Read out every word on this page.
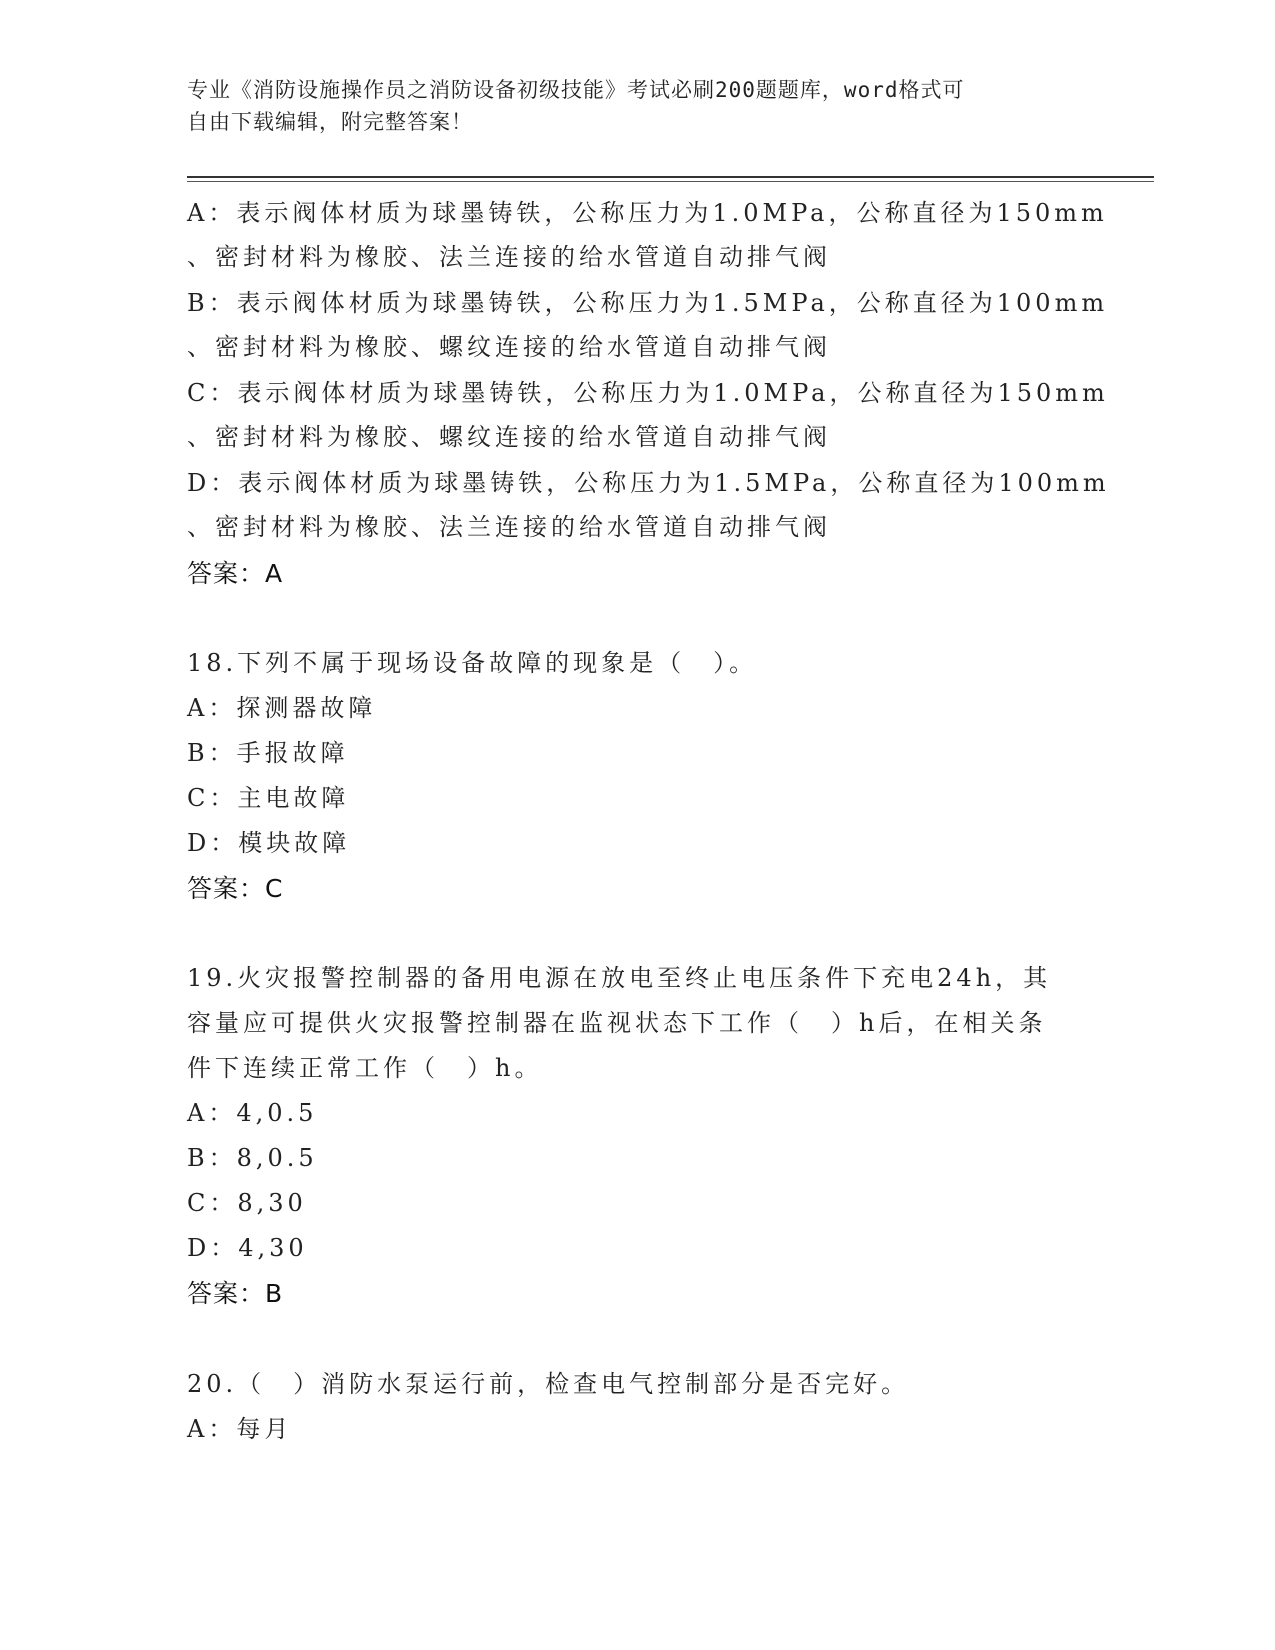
专业《消防设施操作员之消防设备初级技能》考试必刷200题题库，word格式可
自由下载编辑，附完整答案！
A：表示阀体材质为球墨铸铁，公称压力为1.0MPa，公称直径为150mm
、密封材料为橡胶、法兰连接的给水管道自动排气阀
B：表示阀体材质为球墨铸铁，公称压力为1.5MPa，公称直径为100mm
、密封材料为橡胶、螺纹连接的给水管道自动排气阀
C：表示阀体材质为球墨铸铁，公称压力为1.0MPa，公称直径为150mm
、密封材料为橡胶、螺纹连接的给水管道自动排气阀
D：表示阀体材质为球墨铸铁，公称压力为1.5MPa，公称直径为100mm
、密封材料为橡胶、法兰连接的给水管道自动排气阀
答案：A
18.下列不属于现场设备故障的现象是（　）。
A：探测器故障
B：手报故障
C：主电故障
D：模块故障
答案：C
19.火灾报警控制器的备用电源在放电至终止电压条件下充电24h，其
容量应可提供火灾报警控制器在监视状态下工作（　）h后，在相关条
件下连续正常工作（　）h。
A：4,0.5
B：8,0.5
C：8,30
D：4,30
答案：B
20.（　）消防水泵运行前，检查电气控制部分是否完好。
A：每月
